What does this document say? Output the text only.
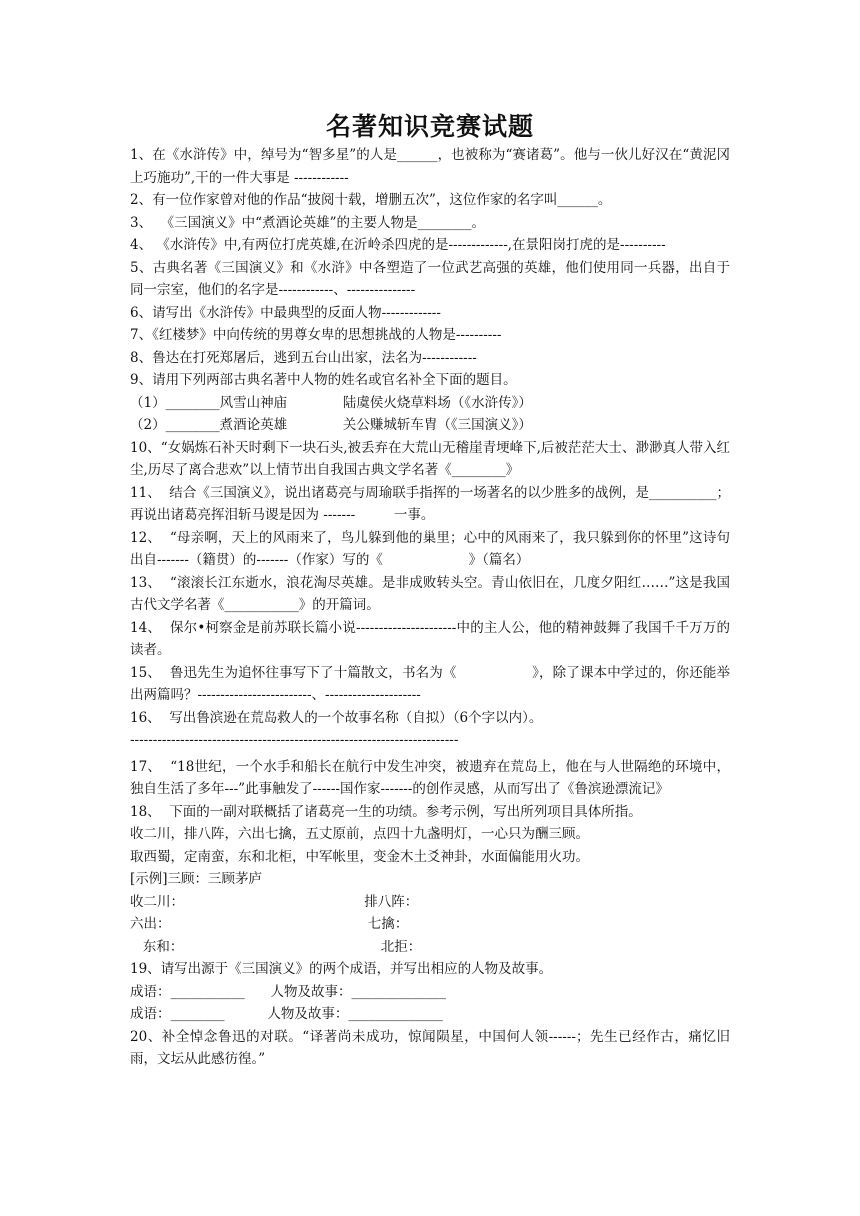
名著知识竞赛试题

1、在《水浒传》中，绰号为“智多星”的人是______，也被称为“赛诸葛”。他与一伙儿好汉在“黄泥冈上巧施功”,干的一件大事是 ------------

2、有一位作家曾对他的作品“披阅十载，增删五次”，这位作家的名字叫______。

3、  《三国演义》中“煮酒论英雄”的主要人物是________。

4、 《水浒传》中,有两位打虎英雄,在沂岭杀四虎的是-------------,在景阳岗打虎的是----------

5、古典名著《三国演义》和《水浒》中各塑造了一位武艺高强的英雄，他们使用同一兵器，出自于同一宗室，他们的名字是------------、---------------

6、请写出《水浒传》中最典型的反面人物-------------

7、《红楼梦》中向传统的男尊女卑的思想挑战的人物是----------

8、鲁达在打死郑屠后，逃到五台山出家，法名为------------

9、请用下列两部古典名著中人物的姓名或官名补全下面的题目。

（1）________风雪山神庙             陆虞侯火烧草料场（《水浒传》）

（2）________煮酒论英雄             关公赚城斩车胄（《三国演义》）

10、“女娲炼石补天时剩下一块石头,被丢弃在大荒山无稽崖青埂峰下,后被茫茫大士、渺渺真人带入红尘,历尽了离合悲欢”以上情节出自我国古典文学名著《________》

11、  结合《三国演义》，说出诸葛亮与周瑜联手指挥的一场著名的以少胜多的战例，是__________；再说出诸葛亮挥泪斩马谡是因为 -------         一事。

12、  “母亲啊，天上的风雨来了，鸟儿躲到他的巢里；心中的风雨来了，我只躲到你的怀里”这诗句出自-------（籍贯）的-------（作家）写的《                    》（篇名）

13、  “滚滚长江东逝水，浪花淘尽英雄。是非成败转头空。青山依旧在，几度夕阳红……”这是我国古代文学名著《___________》的开篇词。

14、  保尔•柯察金是前苏联长篇小说----------------------中的主人公，他的精神鼓舞了我国千千万万的读者。

15、  鲁迅先生为追怀往事写下了十篇散文，书名为《                 》，除了课本中学过的，你还能举出两篇吗？-------------------------、---------------------

16、  写出鲁滨逊在荒岛救人的一个故事名称（自拟）（6个字以内）。

------------------------------------------------------------------------

17、  “18世纪，一个水手和船长在航行中发生冲突，被遗弃在荒岛上，他在与人世隔绝的环境中，独自生活了多年---”此事触发了------国作家-------的创作灵感，从而写出了《鲁滨逊漂流记》

18、  下面的一副对联概括了诸葛亮一生的功绩。参考示例，写出所列项目具体所指。

收二川，排八阵，六出七擒，五丈原前，点四十九盏明灯，一心只为酬三顾。

取西蜀，定南蛮，东和北柜，中军帐里，变金木土爻神卦，水面偏能用火功。

[示例]三顾：三顾茅庐

收二川：                                          排八阵：

六出：                                              七擒：

东和：                                              北拒：

19、请写出源于《三国演义》的两个成语，并写出相应的人物及故事。

成语：___________      人物及故事：______________

成语：________          人物及故事：______________

20、补全悼念鲁迅的对联。“译著尚未成功，惊闻陨星，中国何人领------；先生已经作古，痛忆旧雨，文坛从此感彷徨。”
